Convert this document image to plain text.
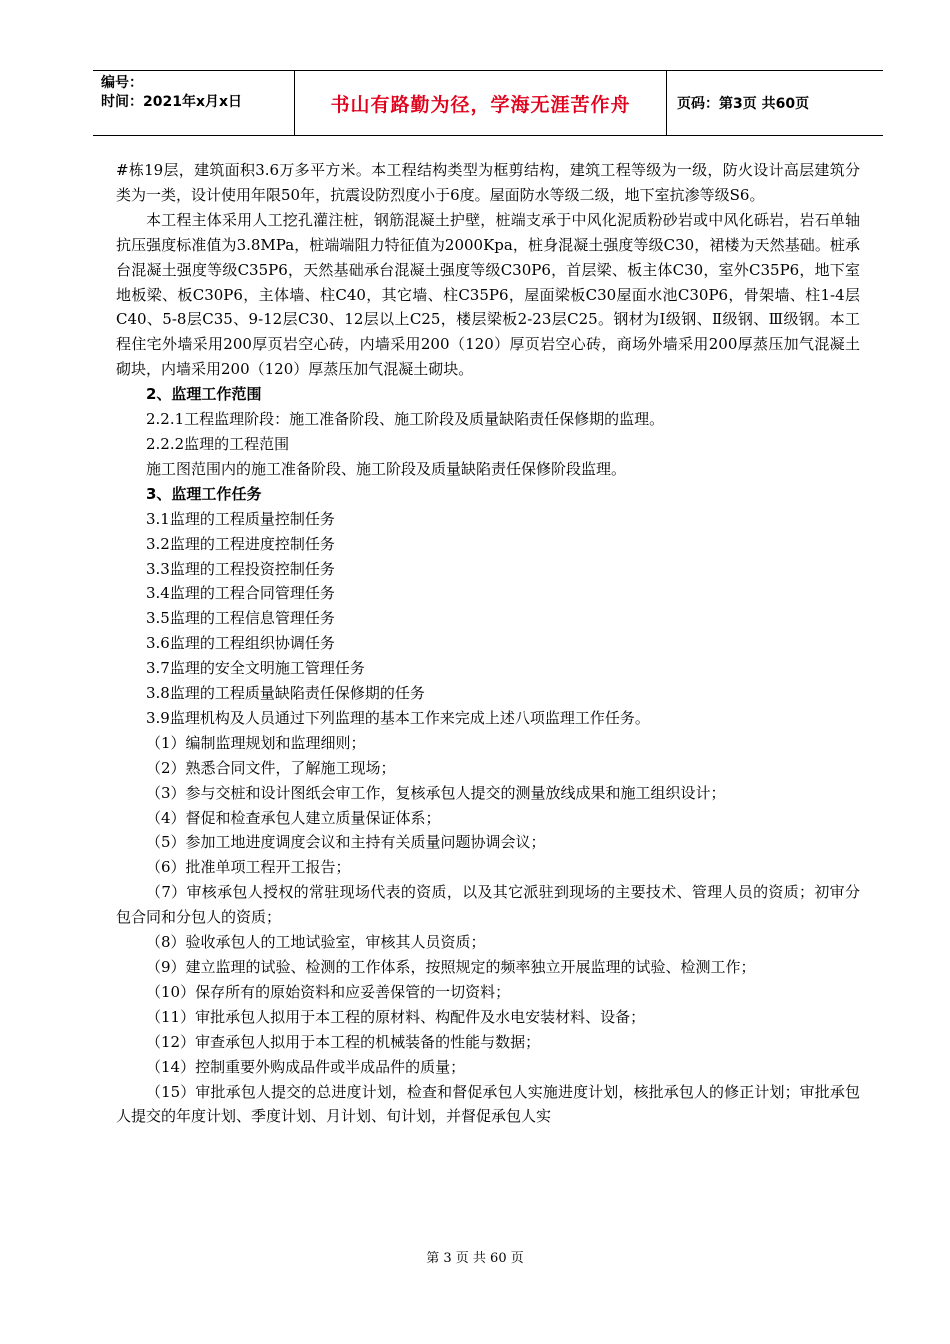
编号：
时间：2021年x月x日	书山有路勤为径，学海无涯苦作舟	页码：第3页 共60页

#栋19层，建筑面积3.6万多平方米。本工程结构类型为框剪结构，建筑工程等级为一级，防火设计高层建筑分类为一类，设计使用年限50年，抗震设防烈度小于6度。屋面防水等级二级，地下室抗渗等级S6。

本工程主体采用人工挖孔灌注桩，钢筋混凝土护壁，桩端支承于中风化泥质粉砂岩或中风化砾岩，岩石单轴抗压强度标准值为3.8MPa，桩端端阻力特征值为2000Kpa，桩身混凝土强度等级C30，裙楼为天然基础。桩承台混凝土强度等级C35P6，天然基础承台混凝土强度等级C30P6，首层梁、板主体C30，室外C35P6，地下室地板梁、板C30P6，主体墙、柱C40，其它墙、柱C35P6，屋面梁板C30屋面水池C30P6，骨架墙、柱1-4层C40、5-8层C35、9-12层C30、12层以上C25，楼层梁板2-23层C25。钢材为Ⅰ级钢、Ⅱ级钢、Ⅲ级钢。本工程住宅外墙采用200厚页岩空心砖，内墙采用200（120）厚页岩空心砖，商场外墙采用200厚蒸压加气混凝土砌块，内墙采用200（120）厚蒸压加气混凝土砌块。

2、监理工作范围

2.2.1工程监理阶段：施工准备阶段、施工阶段及质量缺陷责任保修期的监理。

2.2.2监理的工程范围

施工图范围内的施工准备阶段、施工阶段及质量缺陷责任保修阶段监理。

3、监理工作任务

3.1监理的工程质量控制任务

3.2监理的工程进度控制任务

3.3监理的工程投资控制任务

3.4监理的工程合同管理任务

3.5监理的工程信息管理任务

3.6监理的工程组织协调任务

3.7监理的安全文明施工管理任务

3.8监理的工程质量缺陷责任保修期的任务

3.9监理机构及人员通过下列监理的基本工作来完成上述八项监理工作任务。

（1）编制监理规划和监理细则；

（2）熟悉合同文件，了解施工现场；

（3）参与交桩和设计图纸会审工作，复核承包人提交的测量放线成果和施工组织设计；

（4）督促和检查承包人建立质量保证体系；

（5）参加工地进度调度会议和主持有关质量问题协调会议；

（6）批准单项工程开工报告；

（7）审核承包人授权的常驻现场代表的资质，以及其它派驻到现场的主要技术、管理人员的资质；初审分包合同和分包人的资质；

（8）验收承包人的工地试验室，审核其人员资质；

（9）建立监理的试验、检测的工作体系，按照规定的频率独立开展监理的试验、检测工作；

（10）保存所有的原始资料和应妥善保管的一切资料；

（11）审批承包人拟用于本工程的原材料、构配件及水电安装材料、设备；

（12）审查承包人拟用于本工程的机械装备的性能与数据；

（14）控制重要外购成品件或半成品件的质量；

（15）审批承包人提交的总进度计划，检查和督促承包人实施进度计划，核批承包人的修正计划；审批承包人提交的年度计划、季度计划、月计划、旬计划，并督促承包人实

第 3 页 共 60 页
